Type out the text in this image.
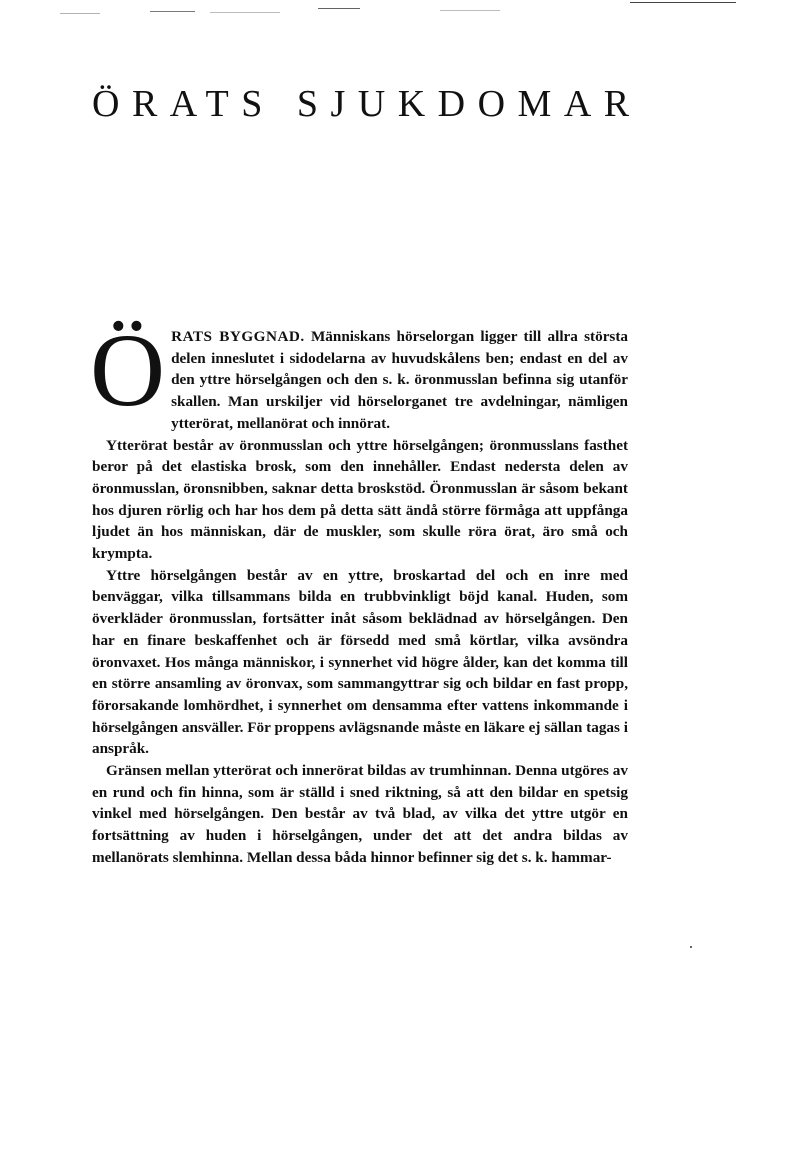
ÖRATS SJUKDOMAR

ÖRATS BYGGNAD. Människans hörselorgan ligger till allra största delen inneslutet i sidodelarna av huvudskålens ben; endast en del av den yttre hörselgången och den s. k. öronmusslan befinna sig utanför skallen. Man urskiljer vid hörselorganet tre avdelningar, nämligen ytterörat, mellanörat och innörat.

Ytterörat består av öronmusslan och yttre hörselgången; öronmusslans fasthet beror på det elastiska brosk, som den innehåller. Endast nedersta delen av öronmusslan, öronsnibben, saknar detta broskstöd. Öronmusslan är såsom bekant hos djuren rörlig och har hos dem på detta sätt ändå större förmåga att uppfånga ljudet än hos människan, där de muskler, som skulle röra örat, äro små och krympta.

Yttre hörselgången består av en yttre, broskartad del och en inre med benväggar, vilka tillsammans bilda en trubbvinkligt böjd kanal. Huden, som överkläder öronmusslan, fortsätter inåt såsom beklädnad av hörselgången. Den har en finare beskaffenhet och är försedd med små körtlar, vilka avsöndra öronvaxet. Hos många människor, i synnerhet vid högre ålder, kan det komma till en större ansamling av öronvax, som sammangyttrar sig och bildar en fast propp, förorsakande lomhördhet, i synnerhet om densamma efter vattens inkommande i hörselgången ansväller. För proppens avlägsnande måste en läkare ej sällan tagas i anspråk.

Gränsen mellan ytterörat och innerörat bildas av trumhinnan. Denna utgöres av en rund och fin hinna, som är ställd i sned riktning, så att den bildar en spetsig vinkel med hörselgången. Den består av två blad, av vilka det yttre utgör en fortsättning av huden i hörselgången, under det att det andra bildas av mellanörats slemhinna. Mellan dessa båda hinnor befinner sig det s. k. hammar-
